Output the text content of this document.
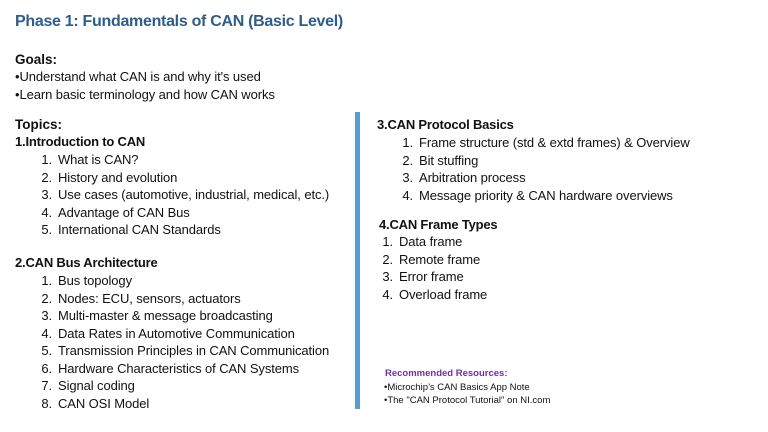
Phase 1: Fundamentals of CAN (Basic Level)
Goals:
•Understand what CAN is and why it's used
•Learn basic terminology and how CAN works
Topics:
1.Introduction to CAN
1. What is CAN?
2. History and evolution
3. Use cases (automotive, industrial, medical, etc.)
4. Advantage of CAN Bus
5. International CAN Standards
2.CAN Bus Architecture
1. Bus topology
2. Nodes: ECU, sensors, actuators
3. Multi-master & message broadcasting
4. Data Rates in Automotive Communication
5. Transmission Principles in CAN Communication
6. Hardware Characteristics of CAN Systems
7. Signal coding
8. CAN OSI Model
3.CAN Protocol Basics
1. Frame structure (std & extd frames) & Overview
2. Bit stuffing
3. Arbitration process
4. Message priority & CAN hardware overviews
4.CAN Frame Types
1. Data frame
2. Remote frame
3. Error frame
4. Overload frame
Recommended Resources:
•Microchip’s CAN Basics App Note
•The "CAN Protocol Tutorial" on NI.com
